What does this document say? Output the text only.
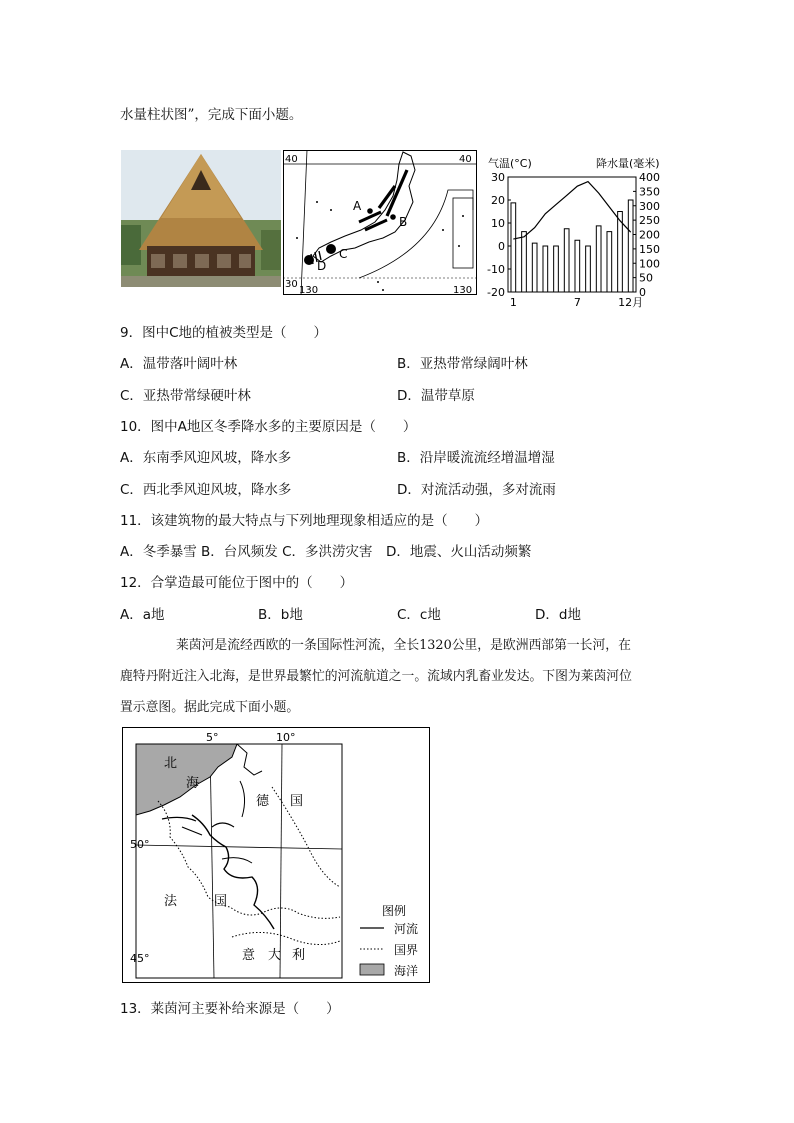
水量柱状图”，完成下面小题。
40	40
30
130	130
A
B
C
D
气温(°C)	降水量(毫米)
30
20
10
0
-10
-20
400
350
300
250
200
150
100
50
0
1	7	12月
9．图中C地的植被类型是（　　）
A．温带落叶阔叶林	B．亚热带常绿阔叶林
C．亚热带常绿硬叶林	D．温带草原
10．图中A地区冬季降水多的主要原因是（　　）
A．东南季风迎风坡，降水多	B．沿岸暖流流经增温增湿
C．西北季风迎风坡，降水多	D．对流活动强，多对流雨
11．该建筑物的最大特点与下列地理现象相适应的是（　　）
A．冬季暴雪 B．台风频发 C．多洪涝灾害　D．地震、火山活动频繁
12．合掌造最可能位于图中的（　　）
A．a地	B．b地	C．c地	D．d地
莱茵河是流经西欧的一条国际性河流，全长1320公里，是欧洲西部第一长河，在
鹿特丹附近注入北海，是世界最繁忙的河流航道之一。流域内乳畜业发达。下图为莱茵河位
置示意图。据此完成下面小题。
5°	10°
50°
45°
北
海
德 国
法	国
意 大 利
图例
河流
国界
海洋
13．莱茵河主要补给来源是（　　）
